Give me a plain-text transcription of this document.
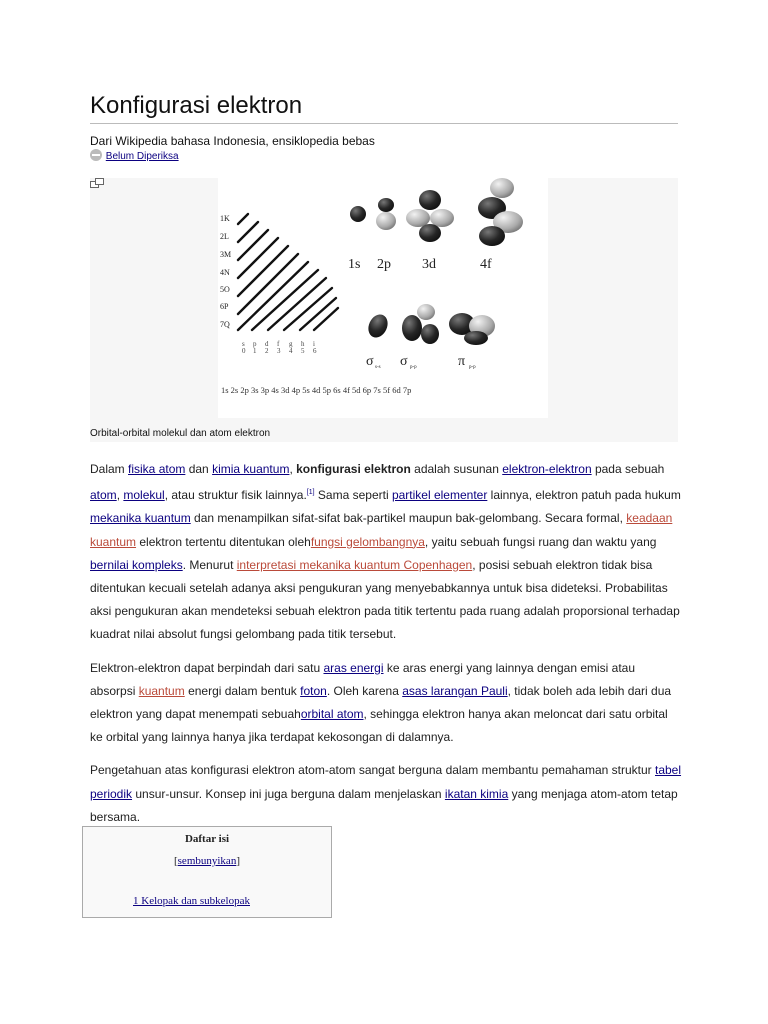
Konfigurasi elektron
Dari Wikipedia bahasa Indonesia, ensiklopedia bebas
Belum Diperiksa
1K
2L
3M
4N
5O
6P
7Q
s p d f g h i
0 1 2 3 4 5 6
1s 2p 3d	4f
σ s-s σ p-p	π p-p
1s 2s 2p 3s 3p 4s 3d 4p 5s 4d 5p 6s 4f 5d 6p 7s 5f 6d 7p
Orbital-orbital molekul dan atom elektron

Dalam fisika atom dan kimia kuantum, konfigurasi elektron adalah susunan elektron-elektron pada sebuah atom, molekul, atau struktur fisik lainnya.[1] Sama seperti partikel elementer lainnya, elektron patuh pada hukum mekanika kuantum dan menampilkan sifat-sifat bak-partikel maupun bak-gelombang. Secara formal, keadaan kuantum elektron tertentu ditentukan olehfungsi gelombangnya, yaitu sebuah fungsi ruang dan waktu yang bernilai kompleks. Menurut interpretasi mekanika kuantum Copenhagen, posisi sebuah elektron tidak bisa ditentukan kecuali setelah adanya aksi pengukuran yang menyebabkannya untuk bisa dideteksi. Probabilitas aksi pengukuran akan mendeteksi sebuah elektron pada titik tertentu pada ruang adalah proporsional terhadap kuadrat nilai absolut fungsi gelombang pada titik tersebut.

Elektron-elektron dapat berpindah dari satu aras energi ke aras energi yang lainnya dengan emisi atau absorpsi kuantum energi dalam bentuk foton. Oleh karena asas larangan Pauli, tidak boleh ada lebih dari dua elektron yang dapat menempati sebuahorbital atom, sehingga elektron hanya akan meloncat dari satu orbital ke orbital yang lainnya hanya jika terdapat kekosongan di dalamnya.

Pengetahuan atas konfigurasi elektron atom-atom sangat berguna dalam membantu pemahaman struktur tabel periodik unsur-unsur. Konsep ini juga berguna dalam menjelaskan ikatan kimia yang menjaga atom-atom tetap bersama.

Daftar isi
[sembunyikan]
1 Kelopak dan subkelopak
